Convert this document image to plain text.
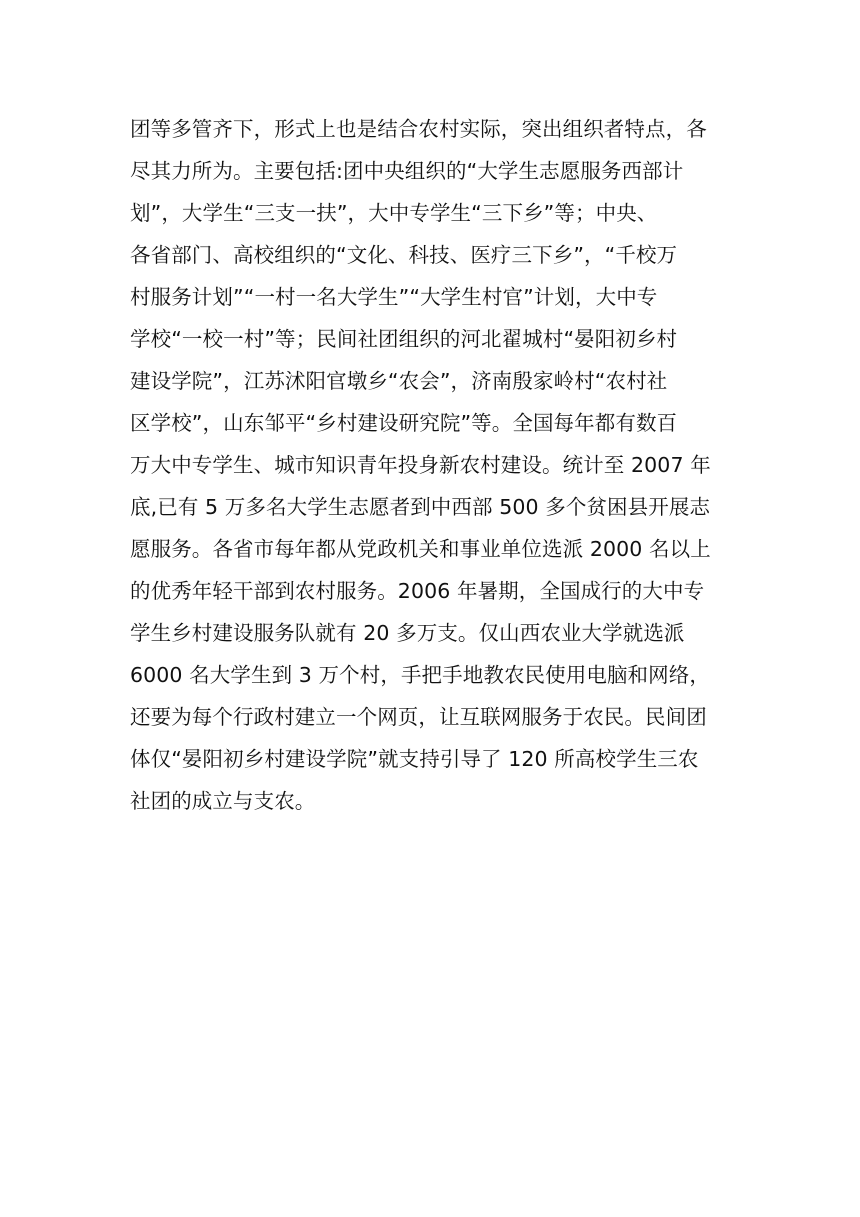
团等多管齐下，形式上也是结合农村实际，突出组织者特点，各
尽其力所为。主要包括:团中央组织的“大学生志愿服务西部计
划”，大学生“三支一扶”，大中专学生“三下乡”等；中央、
各省部门、高校组织的“文化、科技、医疗三下乡”，“千校万
村服务计划”“一村一名大学生”“大学生村官”计划，大中专
学校“一校一村”等；民间社团组织的河北翟城村“晏阳初乡村
建设学院”，江苏沭阳官墩乡“农会”，济南殷家岭村“农村社
区学校”，山东邹平“乡村建设研究院”等。全国每年都有数百
万大中专学生、城市知识青年投身新农村建设。统计至 2007 年
底,已有 5 万多名大学生志愿者到中西部 500 多个贫困县开展志
愿服务。各省市每年都从党政机关和事业单位选派 2000 名以上
的优秀年轻干部到农村服务。2006 年暑期，全国成行的大中专
学生乡村建设服务队就有 20 多万支。仅山西农业大学就选派
6000 名大学生到 3 万个村，手把手地教农民使用电脑和网络，
还要为每个行政村建立一个网页，让互联网服务于农民。民间团
体仅“晏阳初乡村建设学院”就支持引导了 120 所高校学生三农
社团的成立与支农。
